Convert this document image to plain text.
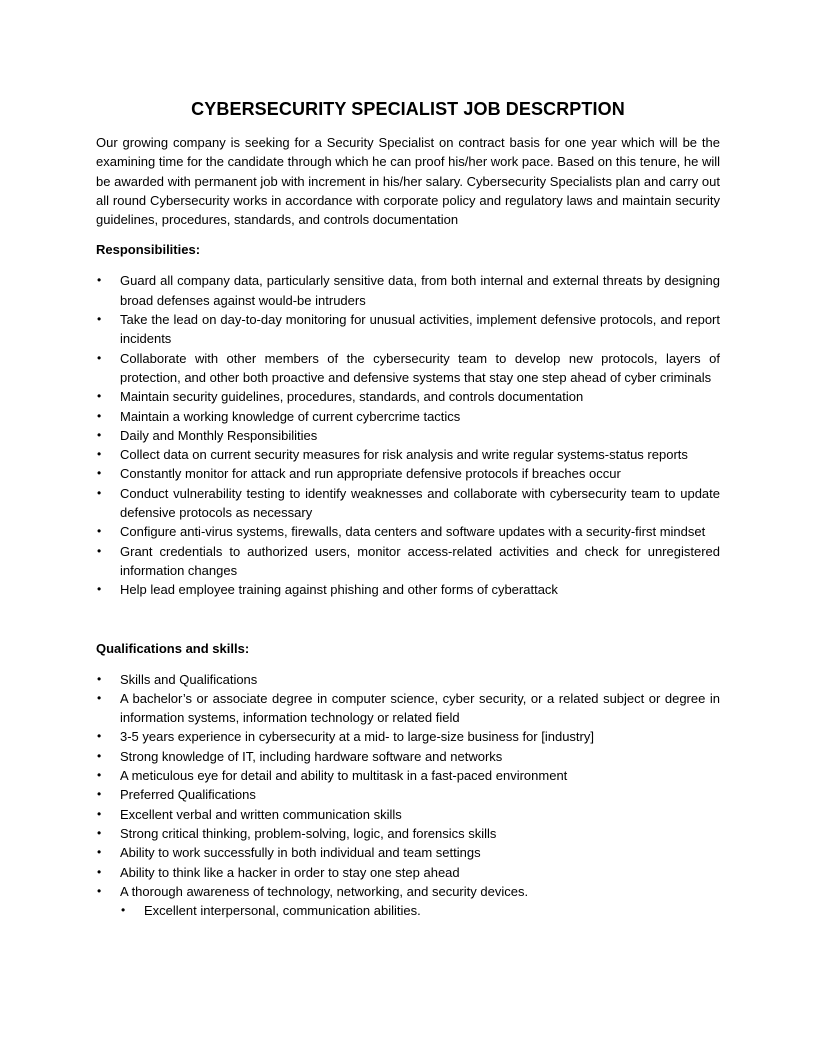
CYBERSECURITY SPECIALIST JOB DESCRPTION

Our growing company is seeking for a Security Specialist on contract basis for one year which will be the examining time for the candidate through which he can proof his/her work pace. Based on this tenure, he will be awarded with permanent job with increment in his/her salary. Cybersecurity Specialists plan and carry out all round Cybersecurity works in accordance with corporate policy and regulatory laws and maintain security guidelines, procedures, standards, and controls documentation

Responsibilities:
•	Guard all company data, particularly sensitive data, from both internal and external threats by designing broad defenses against would-be intruders
•	Take the lead on day-to-day monitoring for unusual activities, implement defensive protocols, and report incidents
•	Collaborate with other members of the cybersecurity team to develop new protocols, layers of protection, and other both proactive and defensive systems that stay one step ahead of cyber criminals
•	Maintain security guidelines, procedures, standards, and controls documentation
•	Maintain a working knowledge of current cybercrime tactics
•	Daily and Monthly Responsibilities
•	Collect data on current security measures for risk analysis and write regular systems-status reports
•	Constantly monitor for attack and run appropriate defensive protocols if breaches occur
•	Conduct vulnerability testing to identify weaknesses and collaborate with cybersecurity team to update defensive protocols as necessary
•	Configure anti-virus systems, firewalls, data centers and software updates with a security-first mindset
•	Grant credentials to authorized users, monitor access-related activities and check for unregistered information changes
•	Help lead employee training against phishing and other forms of cyberattack
Qualifications and skills:
•	Skills and Qualifications
•	A bachelor’s or associate degree in computer science, cyber security, or a related subject or degree in information systems, information technology or related field
•	3-5 years experience in cybersecurity at a mid- to large-size business for [industry]
•	Strong knowledge of IT, including hardware software and networks
•	A meticulous eye for detail and ability to multitask in a fast-paced environment
•	Preferred Qualifications
•	Excellent verbal and written communication skills
•	Strong critical thinking, problem-solving, logic, and forensics skills
•	Ability to work successfully in both individual and team settings
•	Ability to think like a hacker in order to stay one step ahead
•	A thorough awareness of technology, networking, and security devices.
•	Excellent interpersonal, communication abilities.
